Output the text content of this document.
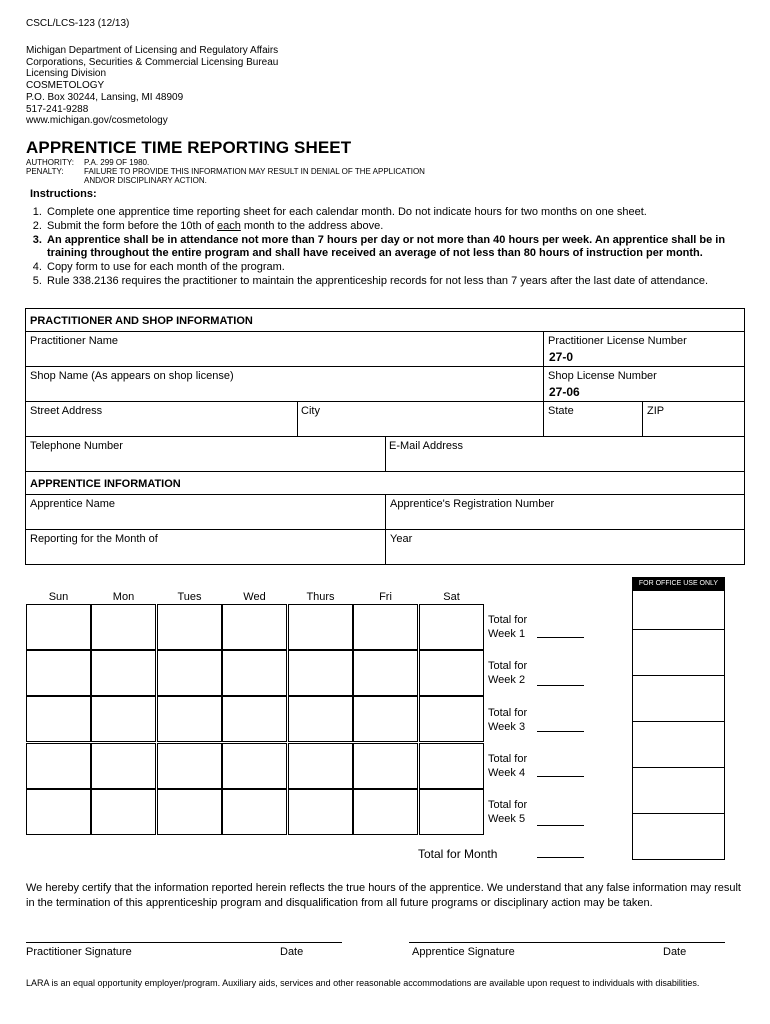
CSCL/LCS-123 (12/13)
Michigan Department of Licensing and Regulatory Affairs
Corporations, Securities & Commercial Licensing Bureau
Licensing Division
COSMETOLOGY
P.O. Box 30244, Lansing, MI 48909
517-241-9288
www.michigan.gov/cosmetology
APPRENTICE TIME REPORTING SHEET
AUTHORITY: P.A. 299 OF 1980.
PENALTY:	FAILURE TO PROVIDE THIS INFORMATION MAY RESULT IN DENIAL OF THE APPLICATION
AND/OR DISCIPLINARY ACTION.
Instructions:
1. Complete one apprentice time reporting sheet for each calendar month. Do not indicate hours for two months on one sheet.
2. Submit the form before the 10th of each month to the address above.
3. An apprentice shall be in attendance not more than 7 hours per day or not more than 40 hours per week. An apprentice shall be in training throughout the entire program and shall have received an average of not less than 80 hours of instruction per month.
4. Copy form to use for each month of the program.
5. Rule 338.2136 requires the practitioner to maintain the apprenticeship records for not less than 7 years after the last date of attendance.
PRACTITIONER AND SHOP INFORMATION
Practitioner Name	Practitioner License Number
27-0
Shop Name (As appears on shop license)	Shop License Number
27-06
Street Address	City	State	ZIP
Telephone Number	E-Mail Address
APPRENTICE INFORMATION
Apprentice Name	Apprentice's Registration Number
Reporting for the Month of	Year
FOR OFFICE USE ONLY
Sun	Mon	Tues	Wed	Thurs	Fri	Sat
Total for
Week 1
Total for
Week 2
Total for
Week 3
Total for
Week 4
Total for
Week 5
Total for Month
We hereby certify that the information reported herein reflects the true hours of the apprentice. We understand that any false information may result in the termination of this apprenticeship program and disqualification from all future programs or disciplinary action may be taken.
Practitioner Signature	Date	Apprentice Signature	Date
LARA is an equal opportunity employer/program. Auxiliary aids, services and other reasonable accommodations are available upon request to individuals with disabilities.
